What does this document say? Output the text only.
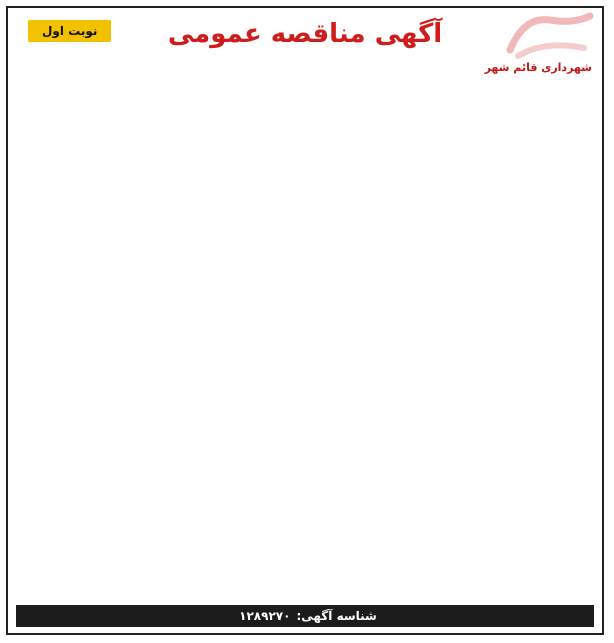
آگهی مناقصه عمومی
نوبت اول

شهرداری قائم شهر

شناسه آگهی:
۱۲۸۹۲۷۰
